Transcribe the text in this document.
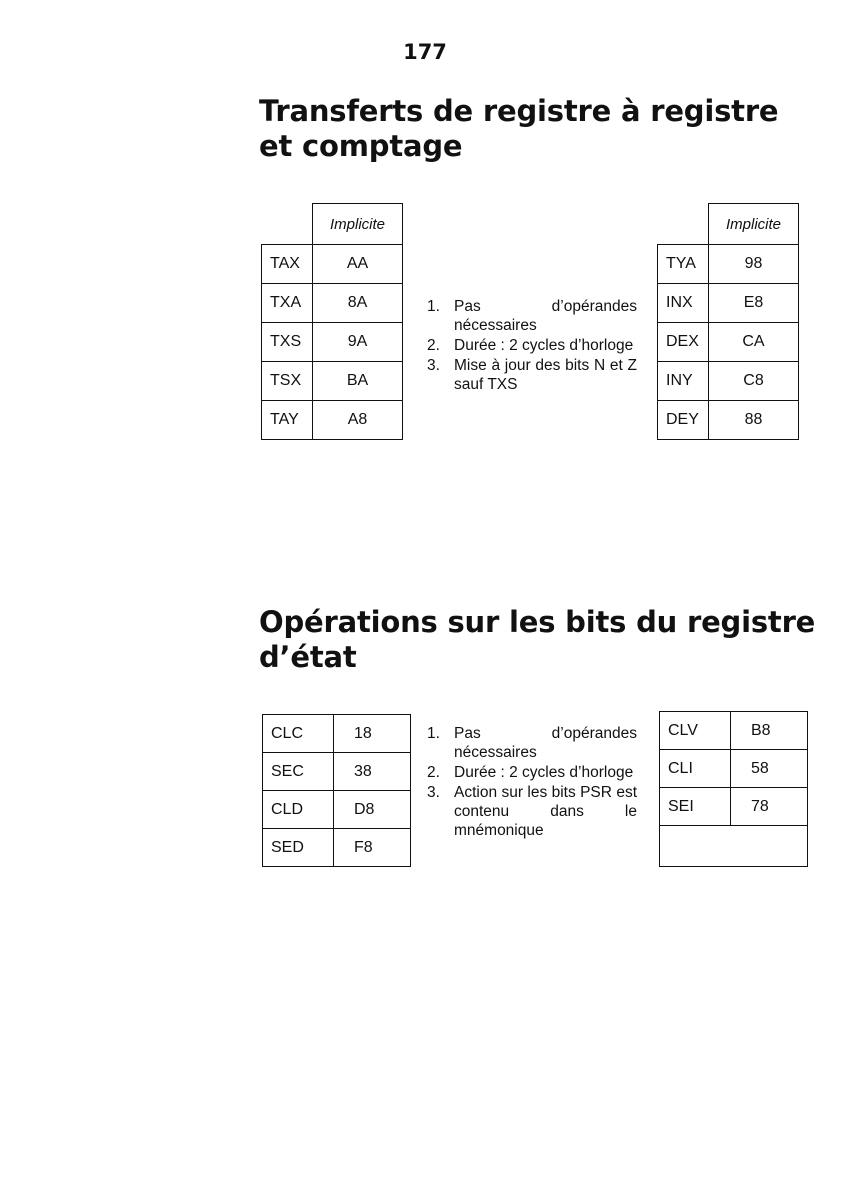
177
Transferts de registre à registre
et comptage
	Implicite
TAX	AA
TXA	8A
TXS	9A
TSX	BA
TAY	A8
1. Pas d’opérandes nécessaires
2. Durée : 2 cycles d’horloge
3. Mise à jour des bits N et Z sauf TXS
	Implicite
TYA	98
INX	E8
DEX	CA
INY	C8
DEY	88
Opérations sur les bits du registre
d’état
CLC	18
SEC	38
CLD	D8
SED	F8
1. Pas d’opérandes nécessaires
2. Durée : 2 cycles d’horloge
3. Action sur les bits PSR est contenu dans le mnémonique
CLV	B8
CLI	58
SEI	78
